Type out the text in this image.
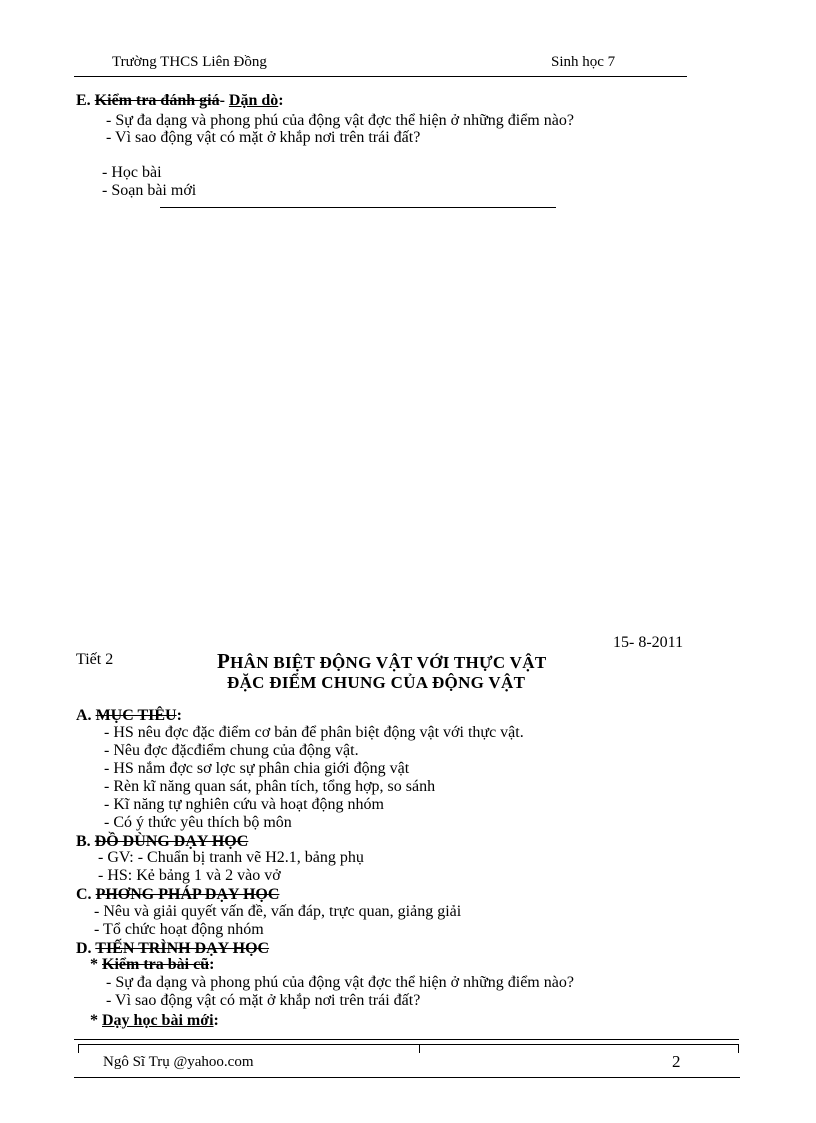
Trường THCS Liên Đồng	Sinh học 7
E. Kiểm tra đánh giá- Dặn dò:
- Sự đa dạng và phong phú của động vật đợc thể hiện ở những điểm nào?
- Vì sao động vật có mặt ở khắp nơi trên trái đất?
- Học bài
- Soạn bài mới
15- 8-2011
Tiết 2	PHÂN BIỆT ĐỘNG VẬT VỚI THỰC VẬT
ĐẶC ĐIỂM CHUNG CỦA ĐỘNG VẬT
A. MỤC TIÊU:
- HS nêu đợc đặc điểm cơ bản để phân biệt động vật với thực vật.
- Nêu đợc đặcđiểm chung của động vật.
- HS nắm đợc sơ lợc sự phân chia giới động vật
- Rèn kĩ năng quan sát, phân tích, tổng hợp, so sánh
- Kĩ năng tự nghiên cứu và hoạt động nhóm
- Có ý thức yêu thích bộ môn
B. ĐỒ DÙNG DẠY HỌC
- GV: - Chuẩn bị tranh vẽ H2.1, bảng phụ
- HS: Kẻ bảng 1 và 2 vào vở
C. PHƠNG PHÁP DẠY HỌC
- Nêu và giải quyết vấn đề, vấn đáp, trực quan, giảng giải
- Tổ chức hoạt động nhóm
D. TIẾN TRÌNH DẠY HỌC
* Kiểm tra bài cũ:
- Sự đa dạng và phong phú của động vật đợc thể hiện ở những điểm nào?
- Vì sao động vật có mặt ở khắp nơi trên trái đất?
* Dạy học bài mới:
Ngô Sĩ Trụ @yahoo.com	2
